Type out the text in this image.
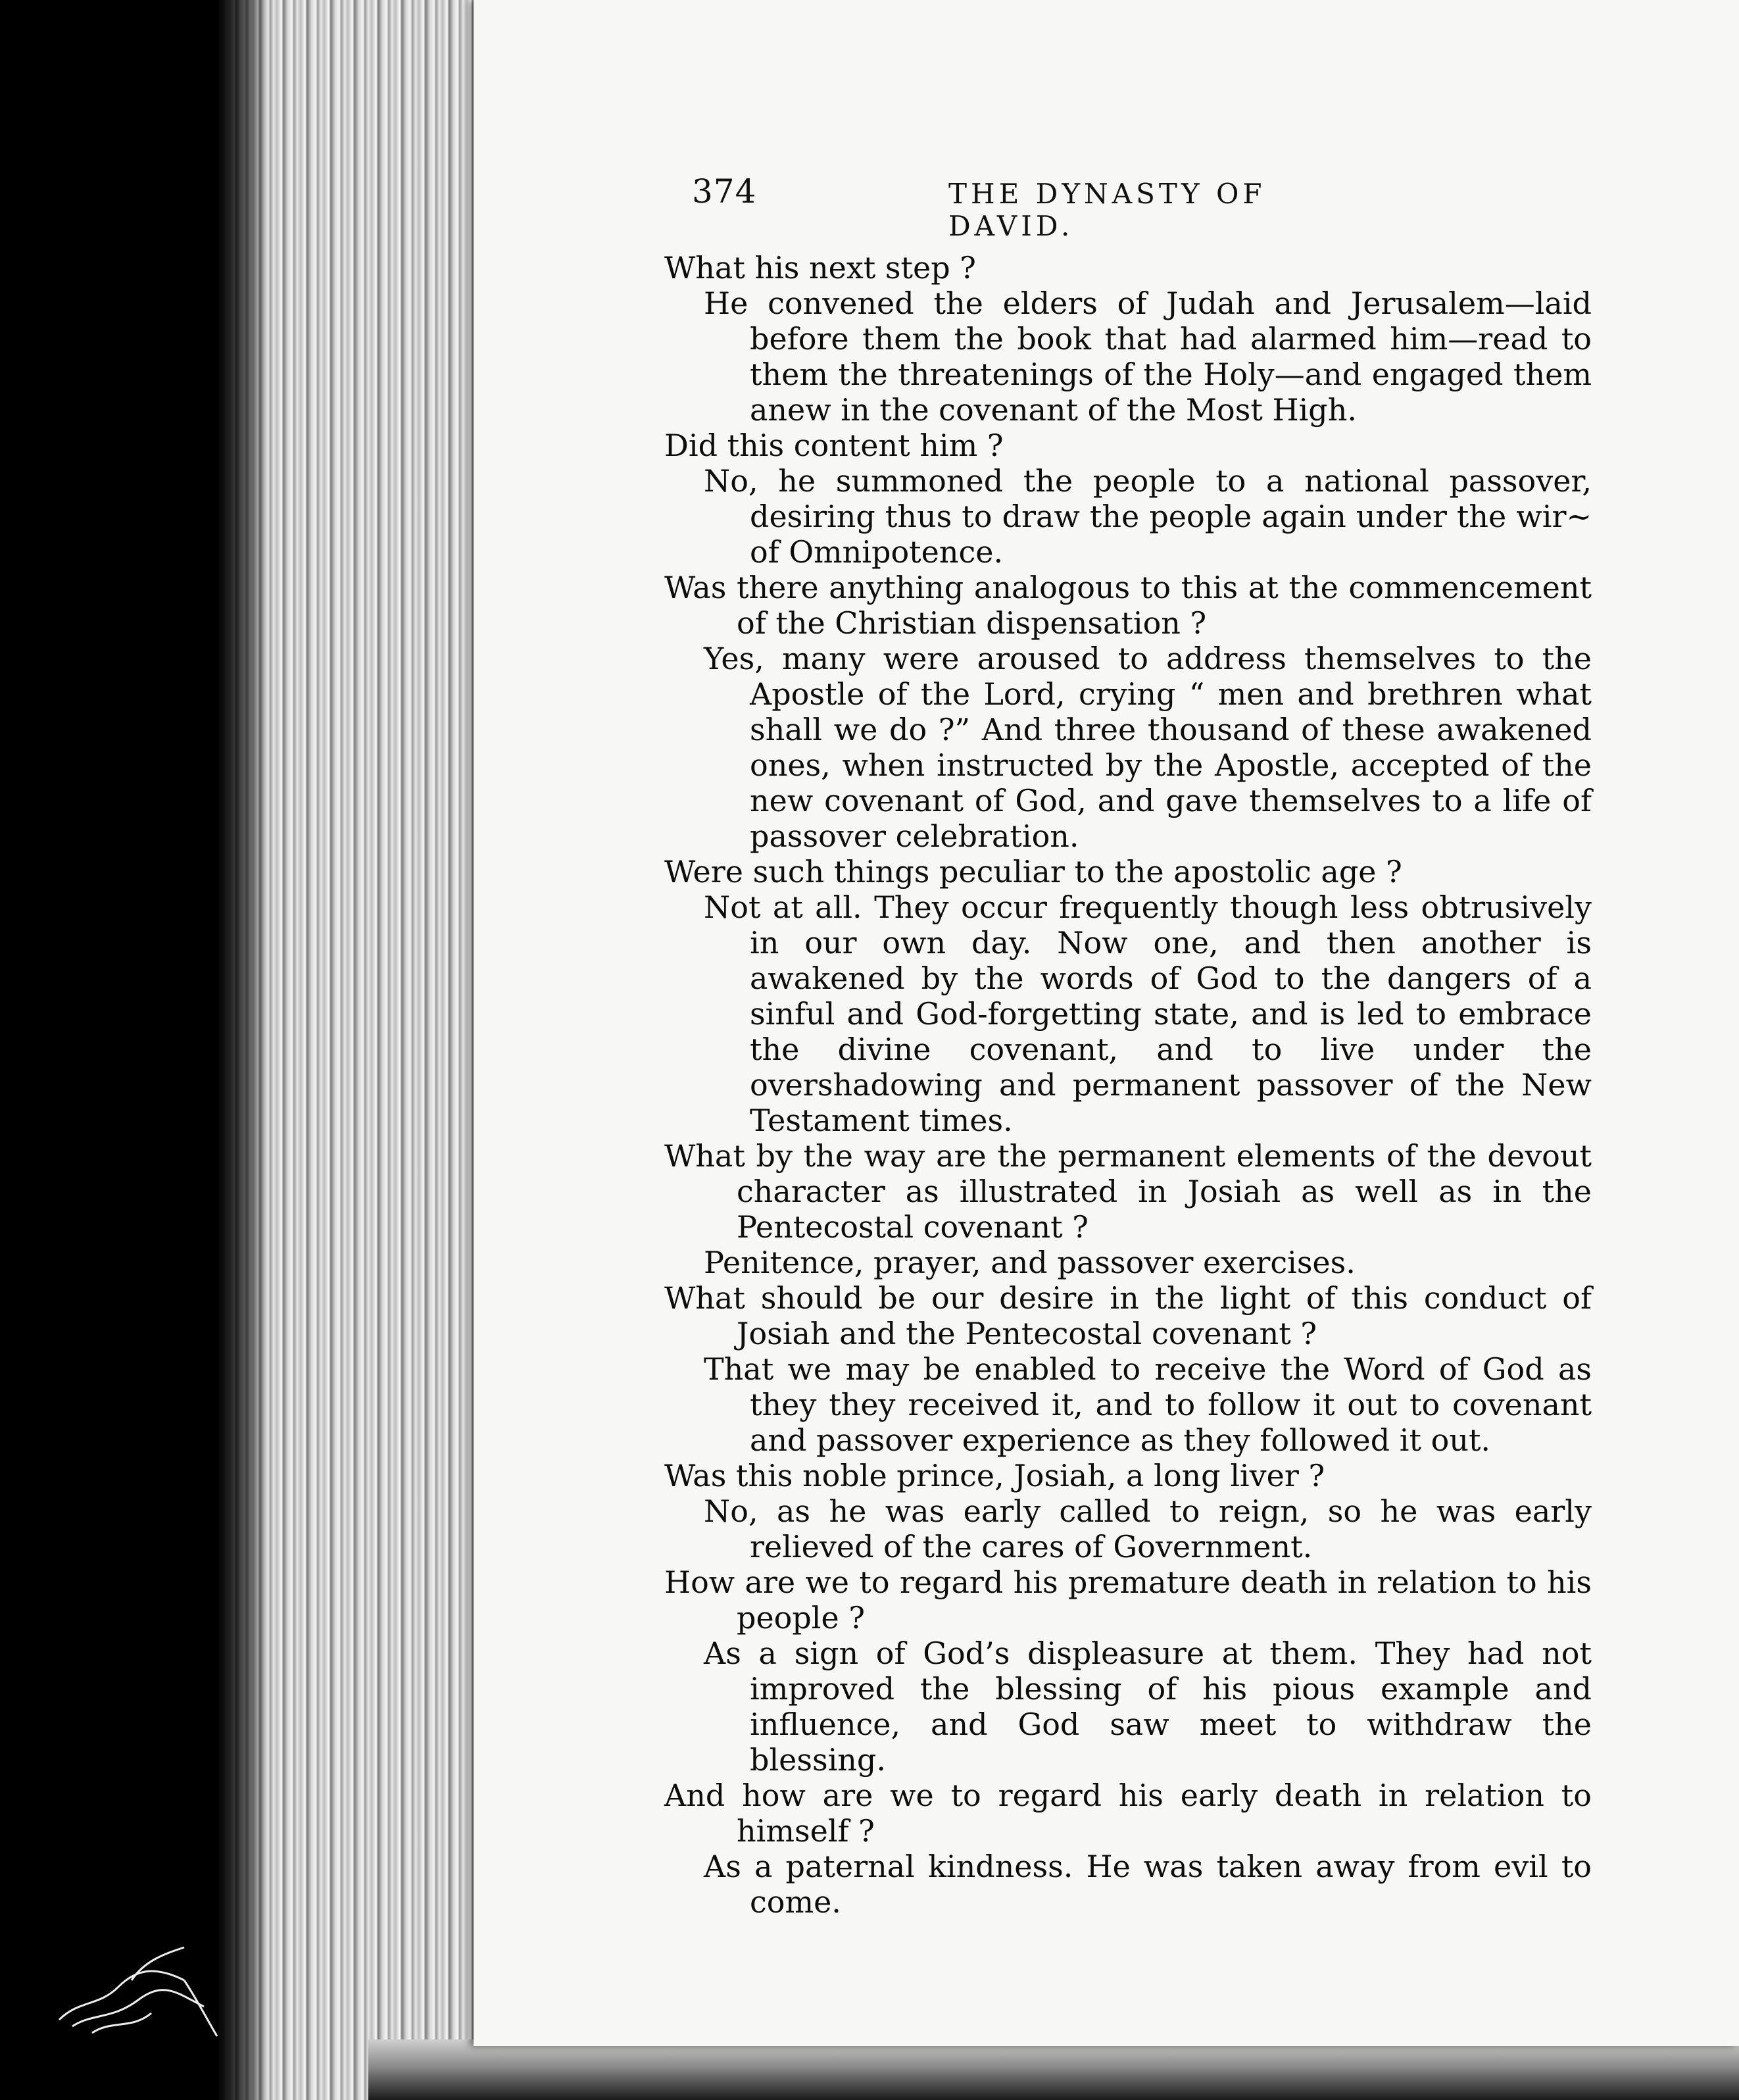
374	THE DYNASTY OF DAVID.

What his next step ?

He convened the elders of Judah and Jerusalem—laid before them the book that had alarmed him—read to them the threatenings of the Holy—and engaged them anew in the covenant of the Most High.

Did this content him ?

No, he summoned the people to a national passover, desiring thus to draw the people again under the wir~ of Omnipotence.

Was there anything analogous to this at the commencement of the Christian dispensation ?

Yes, many were aroused to address themselves to the Apostle of the Lord, crying “ men and brethren what shall we do ?” And three thousand of these awakened ones, when instructed by the Apostle, accepted of the new covenant of God, and gave themselves to a life of passover celebration.

Were such things peculiar to the apostolic age ?

Not at all. They occur frequently though less obtrusively in our own day. Now one, and then another is awakened by the words of God to the dangers of a sinful and God-forgetting state, and is led to embrace the divine covenant, and to live under the overshadowing and permanent passover of the New Testament times.

What by the way are the permanent elements of the devout character as illustrated in Josiah as well as in the Pentecostal covenant ?

Penitence, prayer, and passover exercises.

What should be our desire in the light of this conduct of Josiah and the Pentecostal covenant ?

That we may be enabled to receive the Word of God as they they received it, and to follow it out to covenant and passover experience as they followed it out.

Was this noble prince, Josiah, a long liver ?

No, as he was early called to reign, so he was early relieved of the cares of Government.

How are we to regard his premature death in relation to his people ?

As a sign of God’s displeasure at them. They had not improved the blessing of his pious example and influence, and God saw meet to withdraw the blessing.

And how are we to regard his early death in relation to himself ?

As a paternal kindness. He was taken away from evil to come.
